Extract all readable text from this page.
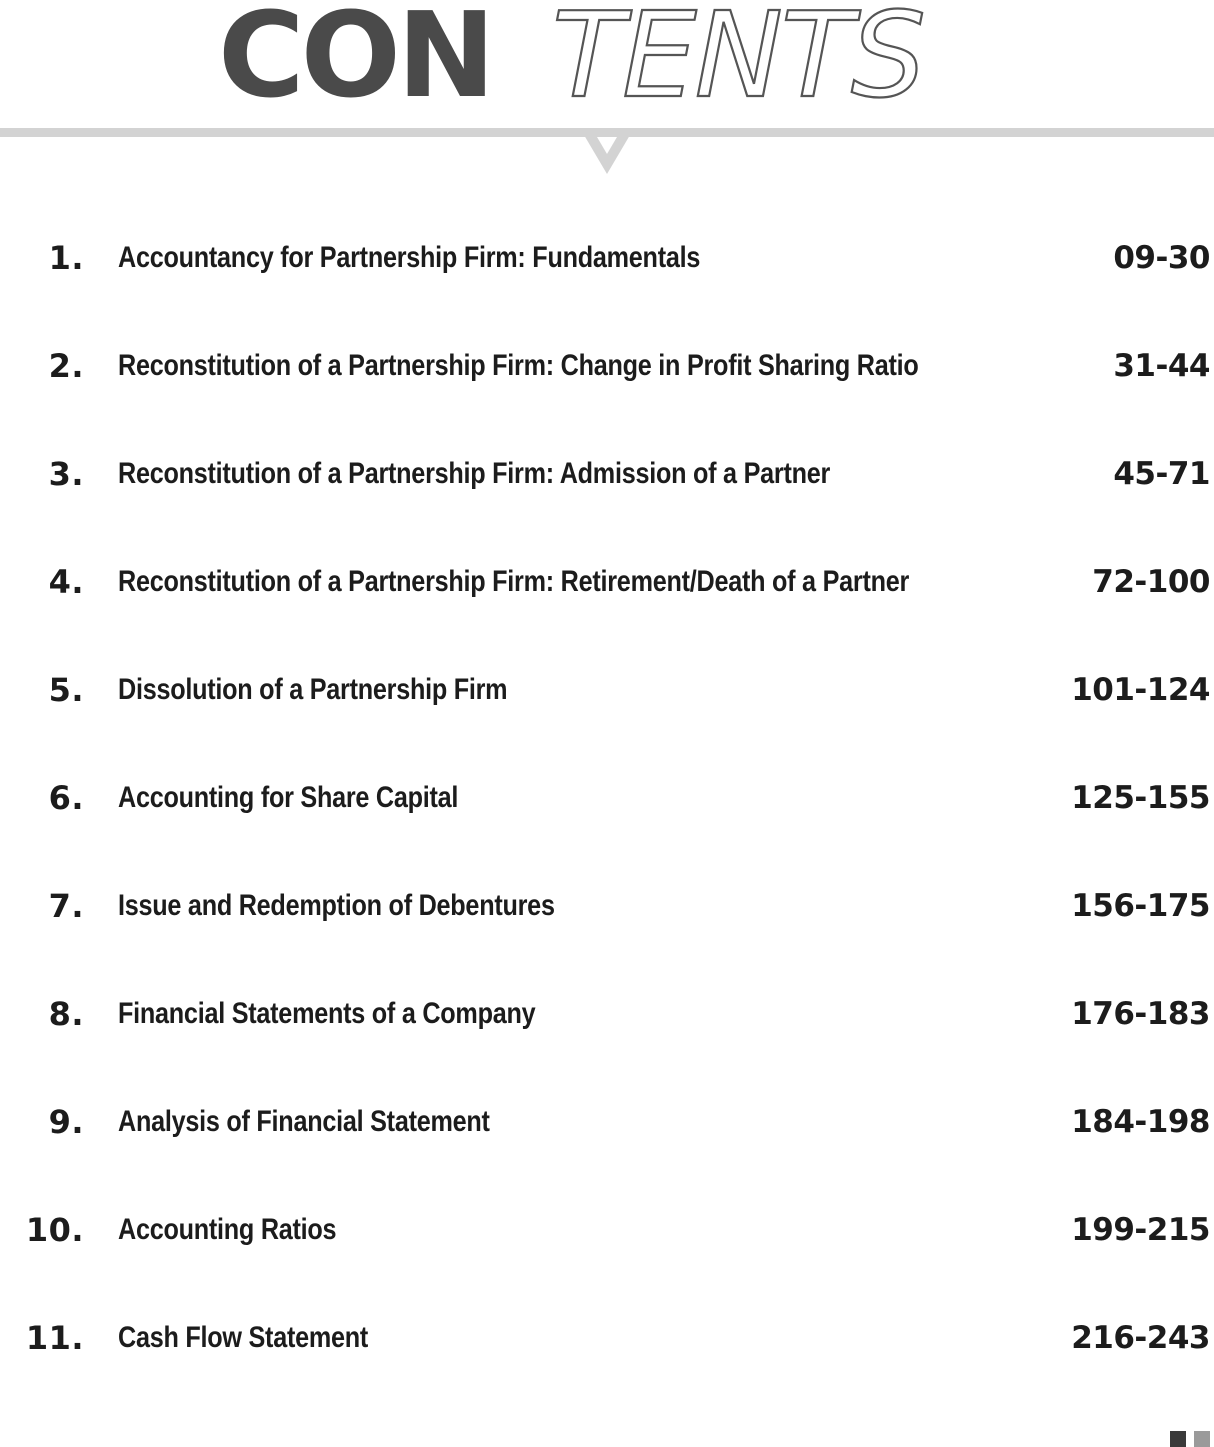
CON TENTS
1. Accountancy for Partnership Firm: Fundamentals	09-30
2. Reconstitution of a Partnership Firm: Change in Profit Sharing Ratio	31-44
3. Reconstitution of a Partnership Firm: Admission of a Partner	45-71
4. Reconstitution of a Partnership Firm: Retirement/Death of a Partner	72-100
5. Dissolution of a Partnership Firm	101-124
6. Accounting for Share Capital	125-155
7. Issue and Redemption of Debentures	156-175
8. Financial Statements of a Company	176-183
9. Analysis of Financial Statement	184-198
10. Accounting Ratios	199-215
11. Cash Flow Statement	216-243
